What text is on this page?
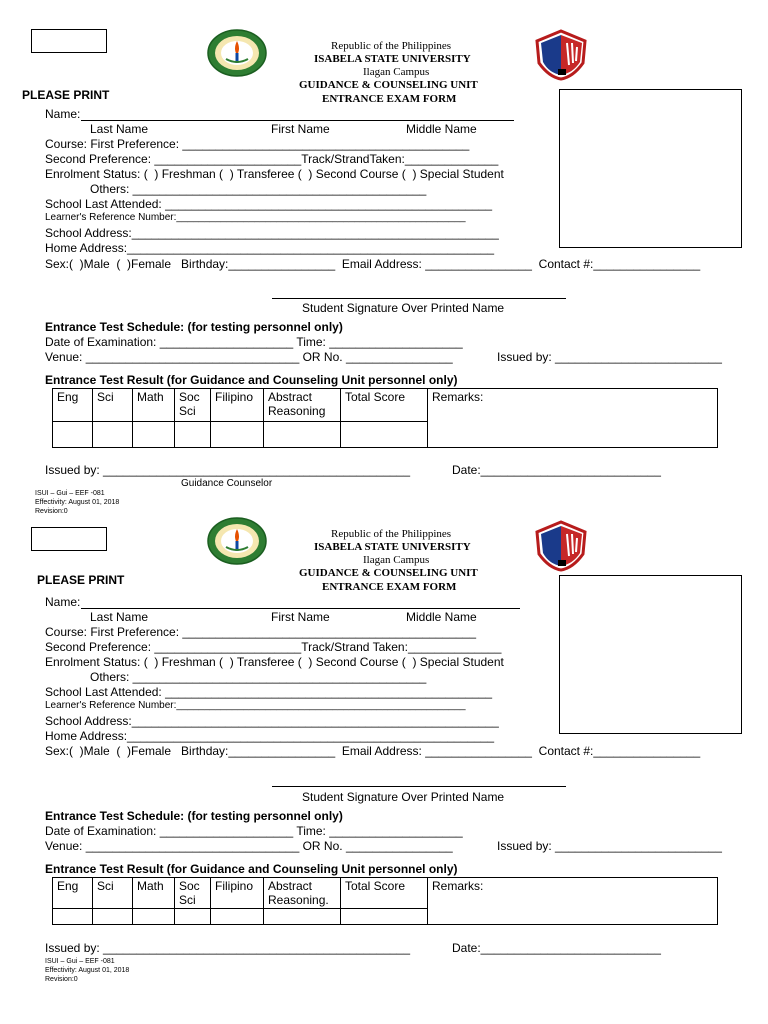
Republic of the Philippines
ISABELA STATE UNIVERSITY
Ilagan Campus
GUIDANCE & COUNSELING UNIT
ENTRANCE EXAM FORM
PLEASE PRINT
Name:
Last Name	First Name	Middle Name
Course: First Preference: ___________________________________________
Second Preference: ______________________Track/StrandTaken:______________
Enrolment Status: (  ) Freshman (  ) Transferee (  ) Second Course (  ) Special Student
Others: ____________________________________________
School Last Attended: _________________________________________________
Learner's Reference Number:____________________________________________________
School Address:_______________________________________________________
Home Address:_______________________________________________________
Sex:(  )Male  (  )Female   Birthday:________________  Email Address: ________________  Contact #:________________
Student Signature Over Printed Name
Entrance Test Schedule: (for testing personnel only)
Date of Examination: ____________________ Time: ____________________
Venue: ________________________________ OR No. ________________	Issued by: _________________________
Entrance Test Result (for Guidance and Counseling Unit personnel only)
Eng	Sci	Math	Soc Sci	Filipino	Abstract Reasoning	Total Score	Remarks:

Issued by: ______________________________________________	Date:___________________________
Guidance Counselor
ISUI – Gui – EEF -081
Effectivity: August 01, 2018
Revision:0
Republic of the Philippines
ISABELA STATE UNIVERSITY
Ilagan Campus
GUIDANCE & COUNSELING UNIT
ENTRANCE EXAM FORM
PLEASE PRINT
Name:
Last Name	First Name	Middle Name
Course: First Preference: ____________________________________________
Second Preference: ______________________Track/Strand Taken:______________
Enrolment Status: (  ) Freshman (  ) Transferee (  ) Second Course (  ) Special Student
Others: ____________________________________________
School Last Attended: _________________________________________________
Learner's Reference Number:____________________________________________________
School Address:_______________________________________________________
Home Address:_______________________________________________________
Sex:(  )Male  (  )Female   Birthday:________________  Email Address: ________________  Contact #:________________
Student Signature Over Printed Name
Entrance Test Schedule: (for testing personnel only)
Date of Examination: ____________________ Time: ____________________
Venue: ________________________________ OR No. ________________	Issued by: _________________________
Entrance Test Result (for Guidance and Counseling Unit personnel only)
Eng	Sci	Math	Soc Sci	Filipino	Abstract Reasoning.	Total Score	Remarks:

Issued by: ______________________________________________	Date:___________________________
ISUI – Gui – EEF -081
Effectivity: August 01, 2018
Revision:0
